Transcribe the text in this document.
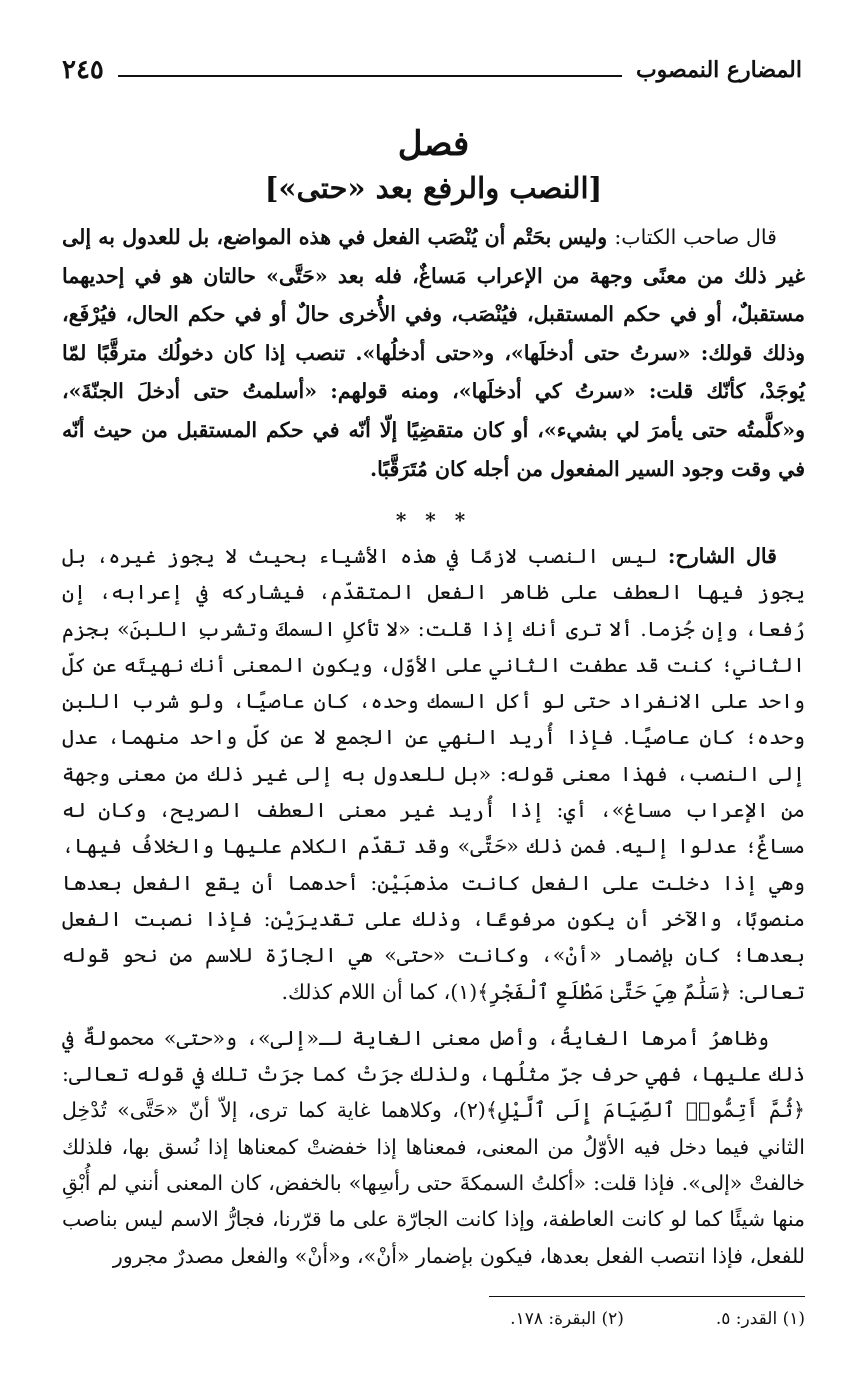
المضارع النمصوب
٢٤٥
فصل
[النصب والرفع بعد «حتى»]

قال صاحب الكتاب: وليس بحَتْم أن يُنْصَب الفعل في هذه المواضع، بل للعدول به إلى غير ذلك من معنًى وجهة من الإعراب مَساغٌ، فله بعد «حَتَّى» حالتان هو في إحديهما مستقبلٌ، أو في حكم المستقبل، فيُنْصَب، وفي الأُخرى حالٌ أو في حكم الحال، فيُرْفَع، وذلك قولك: «سرتُ حتى أدخلَها»، و«حتى أدخلُها». تنصب إذا كان دخولُك مترقَّبًا لمّا يُوجَدْ، كأنّك قلت: «سرتُ كي أدخلَها»، ومنه قولهم: «أسلمتُ حتى أدخلَ الجنّةَ»، و«كلَّمتُه حتى يأمرَ لي بشيء»، أو كان متقضِيًا إلّا أنّه في حكم المستقبل من حيث أنّه في وقت وجود السير المفعول من أجله كان مُتَرَقَّبًا.

* * *

قال الشارح: ليس النصب لازمًا في هذه الأشياء بحيث لا يجوز غيره، بل يجوز فيها العطف على ظاهر الفعل المتقدّم، فيشاركه في إعرابه، إن رُفعا، وإن جُزما. ألا ترى أنك إذا قلت: «لا تأكلِ السمكَ وتشربِ اللبنَ» بجزم الثاني؛ كنت قد عطفت الثاني على الأوّل، ويكون المعنى أنك نهيتَه عن كلّ واحد على الانفراد حتى لو أكل السمك وحده، كان عاصيًا، ولو شرب اللبن وحده؛ كان عاصيًا. فإذا أُريد النهي عن الجمع لا عن كلّ واحد منهما، عدل إلى النصب، فهذا معنى قوله: «بل للعدول به إلى غير ذلك من معنى وجهة من الإعراب مساغ»، أي: إذا أُريد غير معنى العطف الصريح، وكان له مساغٌ؛ عدلوا إليه. فمن ذلك «حَتَّى» وقد تقدّم الكلام عليها والخلافُ فيها، وهي إذا دخلت على الفعل كانت مذهبَيْن: أحدهما أن يقع الفعل بعدها منصوبًا، والآخر أن يكون مرفوعًا، وذلك على تقديرَيْن: فإذا نصبت الفعل بعدها؛ كان بإضمار «أنْ»، وكانت «حتى» هي الجارّة للاسم من نحو قوله تعالى: ﴿سَلَٰمٌ هِيَ حَتَّىٰ مَطْلَعِ ٱلْفَجْرِ﴾(١)، كما أن اللام كذلك.

وظاهرُ أمرها الغايةُ، وأصل معنى الغاية لـ«إلى»، و«حتى» محمولةٌ في ذلك عليها، فهي حرف جرّ مثلُها، ولذلك جرَتْ كما جرَتْ تلك في قوله تعالى: ﴿ثُمَّ أَتِمُّوا۟ ٱلصِّيَامَ إِلَى ٱلَّيْلِ﴾(٢)، وكلاهما غاية كما ترى، إلاّ أنّ «حَتَّى» تُدْخِل الثاني فيما دخل فيه الأوّلُ من المعنى، فمعناها إذا خفضتْ كمعناها إذا نُسق بها، فلذلك خالفتْ «إلى». فإذا قلت: «أكلتُ السمكةَ حتى رأسِها» بالخفض، كان المعنى أنني لم أُبْقِ منها شيئًا كما لو كانت العاطفة، وإذا كانت الجارّة على ما قرّرنا، فجارُّ الاسم ليس بناصب للفعل، فإذا انتصب الفعل بعدها، فيكون بإضمار «أنْ»، و«أنْ» والفعل مصدرٌ مجرور

(١) القدر: ٥.
(٢) البقرة: ١٧٨.
